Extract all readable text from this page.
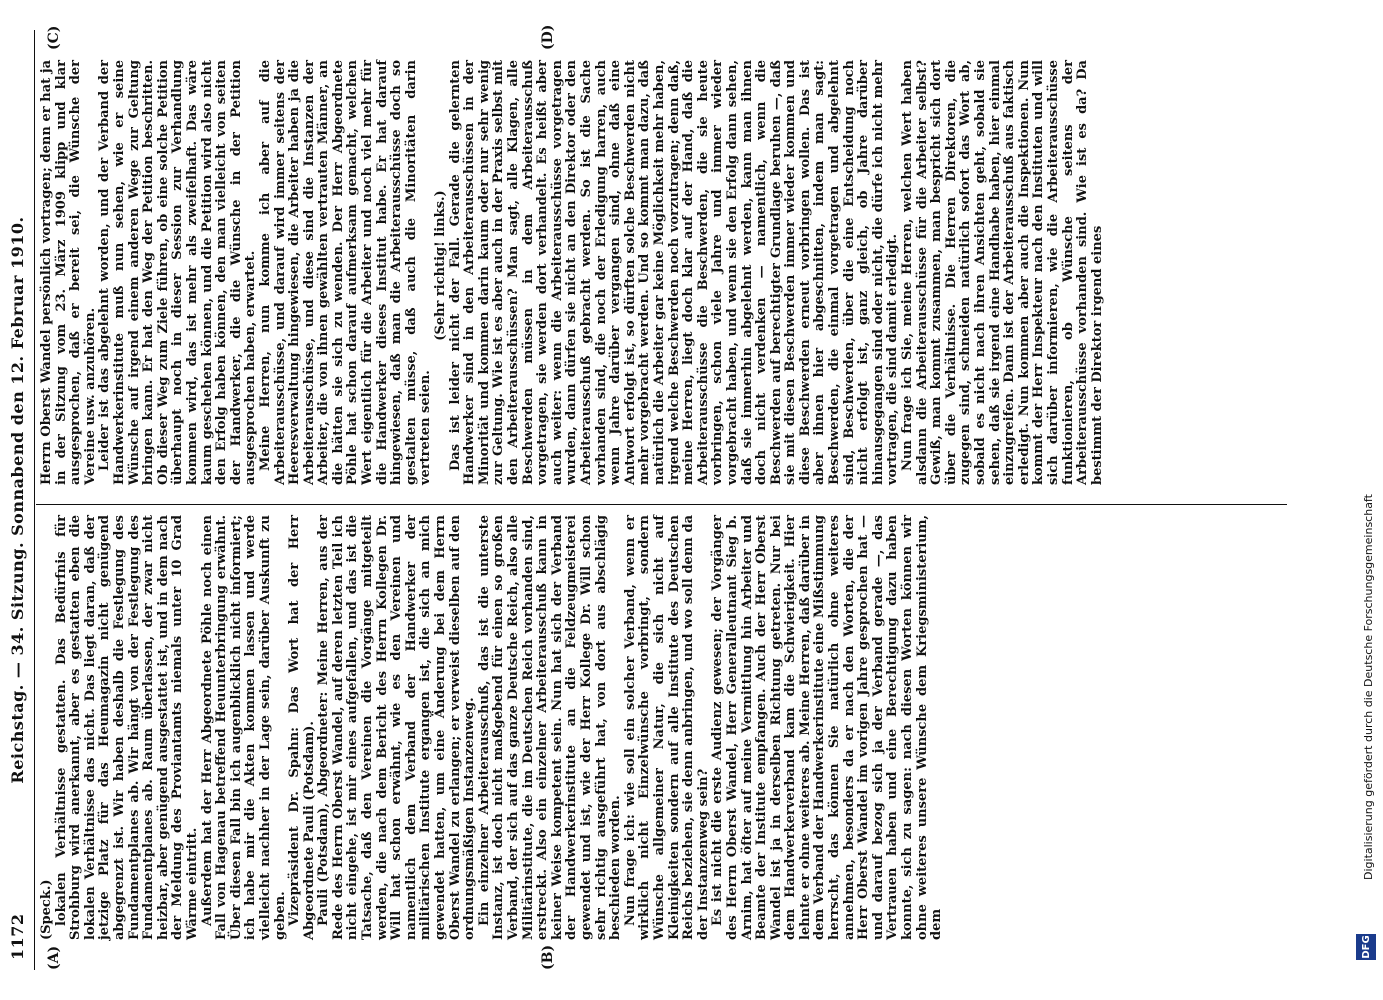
1172
Reichstag. — 34. Sitzung. Sonnabend den 12. Februar 1910.
(A)	(B)
(C)	(D)

(Speck.) lokalen Verhältnisse gestatten. Das Bedürfnis für Strohburg wird anerkannt, aber es gestatten eben die lokalen Verhältnisse das nicht. Das liegt daran, daß der jetzige Platz für das Heumagazin nicht genügend abgegrenzt ist. Wir haben deshalb die Festlegung des Fundamentplanes ab. Wir hängt von der Festlegung des Fundamentplanes ab. Raum überlassen, der zwar nicht heizbar, aber genügend ausgestattet ist, und in dem nach der Meldung des Proviantamts niemals unter 10 Grad Wärme eintritt. Außerdem hat der Herr Abgeordnete Pöhle noch einen Fall von Hagenau betreffend Heuunterbringung erwähnt. Über diesen Fall bin ich augenblicklich nicht informiert; ich habe mir die Akten kommen lassen und werde vielleicht nachher in der Lage sein, darüber Auskunft zu geben. Vizepräsident Dr. Spahn: Das Wort hat der Herr Abgeordnete Pauli (Potsdam). Pauli (Potsdam), Abgeordneter: Meine Herren, aus der Rede des Herrn Oberst Wandel, auf deren letzten Teil ich nicht eingehe, ist mir eines aufgefallen, und das ist die Tatsache, daß den Vereinen die Vorgänge mitgeteilt werden, die nach dem Bericht des Herrn Kollegen Dr. Will hat schon erwähnt, wie es den Vereinen und namentlich dem Verband der Handwerker der militärischen Institute ergangen ist, die sich an mich gewendet hatten, um eine Änderung bei dem Herrn Oberst Wandel zu erlangen; er verweist dieselben auf den ordnungsmäßigen Instanzenweg. Ein einzelner Arbeiterausschuß, das ist die unterste Instanz, ist doch nicht maßgebend für einen so großen Verband, der sich auf das ganze Deutsche Reich, also alle Militärinstitute, die im Deutschen Reich vorhanden sind, erstreckt. Also ein einzelner Arbeiterausschuß kann in keiner Weise kompetent sein. Nun hat sich der Verband der Handwerkerinstitute an die Feldzeugmeisterei gewendet und ist, wie der Herr Kollege Dr. Will schon sehr richtig ausgeführt hat, von dort aus abschlägig beschieden worden. Nun frage ich: wie soll ein solcher Verband, wenn er wirklich nicht Einzelwünsche vorbringt, sondern Wünsche allgemeiner Natur, die sich nicht auf Kleinigkeiten sondern auf alle Institute des Deutschen Reichs beziehen, sie denn anbringen, und wo soll denn da der Instanzenweg sein? Es ist nicht die erste Audienz gewesen; der Vorgänger des Herrn Oberst Wandel, Herr Generalleutnant Sieg b. Arnim, hat öfter auf meine Vermittlung hin Arbeiter und Beamte der Institute empfangen. Auch der Herr Oberst Wandel ist ja in derselben Richtung getreten. Nur bei dem Handwerkerverband kam die Schwierigkeit. Hier lehnte er ohne weiteres ab. Meine Herren, daß darüber in dem Verband der Handwerkerinstitute eine Mißstimmung herrscht, das können Sie natürlich ohne weiteres annehmen, besonders da er nach den Worten, die der Herr Oberst Wandel im vorigen Jahre gesprochen hat — und darauf bezog sich ja der Verband gerade —, das Vertrauen haben und eine Berechtigung dazu haben konnte, sich zu sagen: nach diesen Worten können wir ohne weiteres unsere Wünsche dem Kriegsministerium, dem

Herrn Oberst Wandel persönlich vortragen; denn er hat ja in der Sitzung vom 23. März 1909 klipp und klar ausgesprochen, daß er bereit sei, die Wünsche der Vereine usw. anzuhören. Leider ist das abgelehnt worden, und der Verband der Handwerkerinstitute muß nun sehen, wie er seine Wünsche auf irgend einem anderen Wege zur Geltung bringen kann. Er hat den Weg der Petition beschritten. Ob dieser Weg zum Ziele führen, ob eine solche Petition überhaupt noch in dieser Session zur Verhandlung kommen wird, das ist mehr als zweifelhaft. Das wäre kaum geschehen können, und die Petition wird also nicht den Erfolg haben können, den man vielleicht von seiten der Handwerker, die die Wünsche in der Petition ausgesprochen haben, erwartet. Meine Herren, nun komme ich aber auf die Arbeiterausschüsse, und darauf wird immer seitens der Heeresverwaltung hingewiesen, die Arbeiter haben ja die Arbeiterausschüsse, und diese sind die Instanzen der Arbeiter, die von ihnen gewählten vertrauten Männer, an die hätten sie sich zu wenden. Der Herr Abgeordnete Pöhle hat schon darauf aufmerksam gemacht, welchen Wert eigentlich für die Arbeiter und noch viel mehr für die Handwerker dieses Institut habe. Er hat darauf hingewiesen, daß man die Arbeiterausschüsse doch so gestalten müsse, daß auch die Minoritäten darin vertreten seien.

(Sehr richtig! links.) Das ist leider nicht der Fall. Gerade die gelernten Handwerker sind in den Arbeiterausschüssen in der Minorität und kommen darin kaum oder nur sehr wenig zur Geltung. Wie ist es aber auch in der Praxis selbst mit den Arbeiterausschüssen? Man sagt, alle Klagen, alle Beschwerden müssen in dem Arbeiterausschuß vorgetragen, sie werden dort verhandelt. Es heißt aber auch weiter: wenn die Arbeiterausschüsse vorgetragen wurden, dann dürfen sie nicht an den Direktor oder den Arbeiterausschuß gebracht werden. So ist die Sache vorhanden sind, die noch der Erledigung harren, auch wenn Jahre darüber vergangen sind, ohne daß eine Antwort erfolgt ist, so dürften solche Beschwerden nicht mehr vorgebracht werden. Und so kommt man dazu, daß natürlich die Arbeiter gar keine Möglichkeit mehr haben, irgend welche Beschwerden noch vorzutragen; denn daß, meine Herren, liegt doch klar auf der Hand, daß die Arbeiterausschüsse die Beschwerden, die sie heute vorbringen, schon viele Jahre und immer wieder vorgebracht haben, und wenn sie den Erfolg dann sehen, daß sie immerhin abgelehnt werden, kann man ihnen doch nicht verdenken — namentlich, wenn die Beschwerden auf berechtigter Grundlage beruhen —, daß sie mit diesen Beschwerden immer wieder kommen und diese Beschwerden erneut vorbringen wollen. Das ist aber ihnen hier abgeschnitten, indem man sagt: Beschwerden, die einmal vorgetragen und abgelehnt sind, Beschwerden, über die eine Entscheidung noch nicht erfolgt ist, ganz gleich, ob Jahre darüber hinausgegangen sind oder nicht, die dürfe ich nicht mehr vortragen, die sind damit erledigt. Nun frage ich Sie, meine Herren, welchen Wert haben alsdann die Arbeiterausschüsse für die Arbeiter selbst? Gewiß, man kommt zusammen, man bespricht sich dort über die Verhältnisse. Die Herren Direktoren, die zugegen sind, schneiden natürlich sofort das Wort ab, sobald es nicht nach ihren Ansichten geht, sobald sie sehen, daß sie irgend eine Handhabe haben, hier einmal einzugreifen. Dann ist der Arbeiterausschuß aus faktisch erledigt. Nun kommen aber auch die Inspektionen. Nun kommt der Herr Inspekteur nach den Instituten und will sich darüber informieren, wie die Arbeiterausschüsse funktionieren, ob Wünsche seitens der Arbeiterausschüsse vorhanden sind. Wie ist es da? Da bestimmt der Direktor irgend eines

DFG
Digitalisierung gefördert durch die Deutsche Forschungsgemeinschaft
